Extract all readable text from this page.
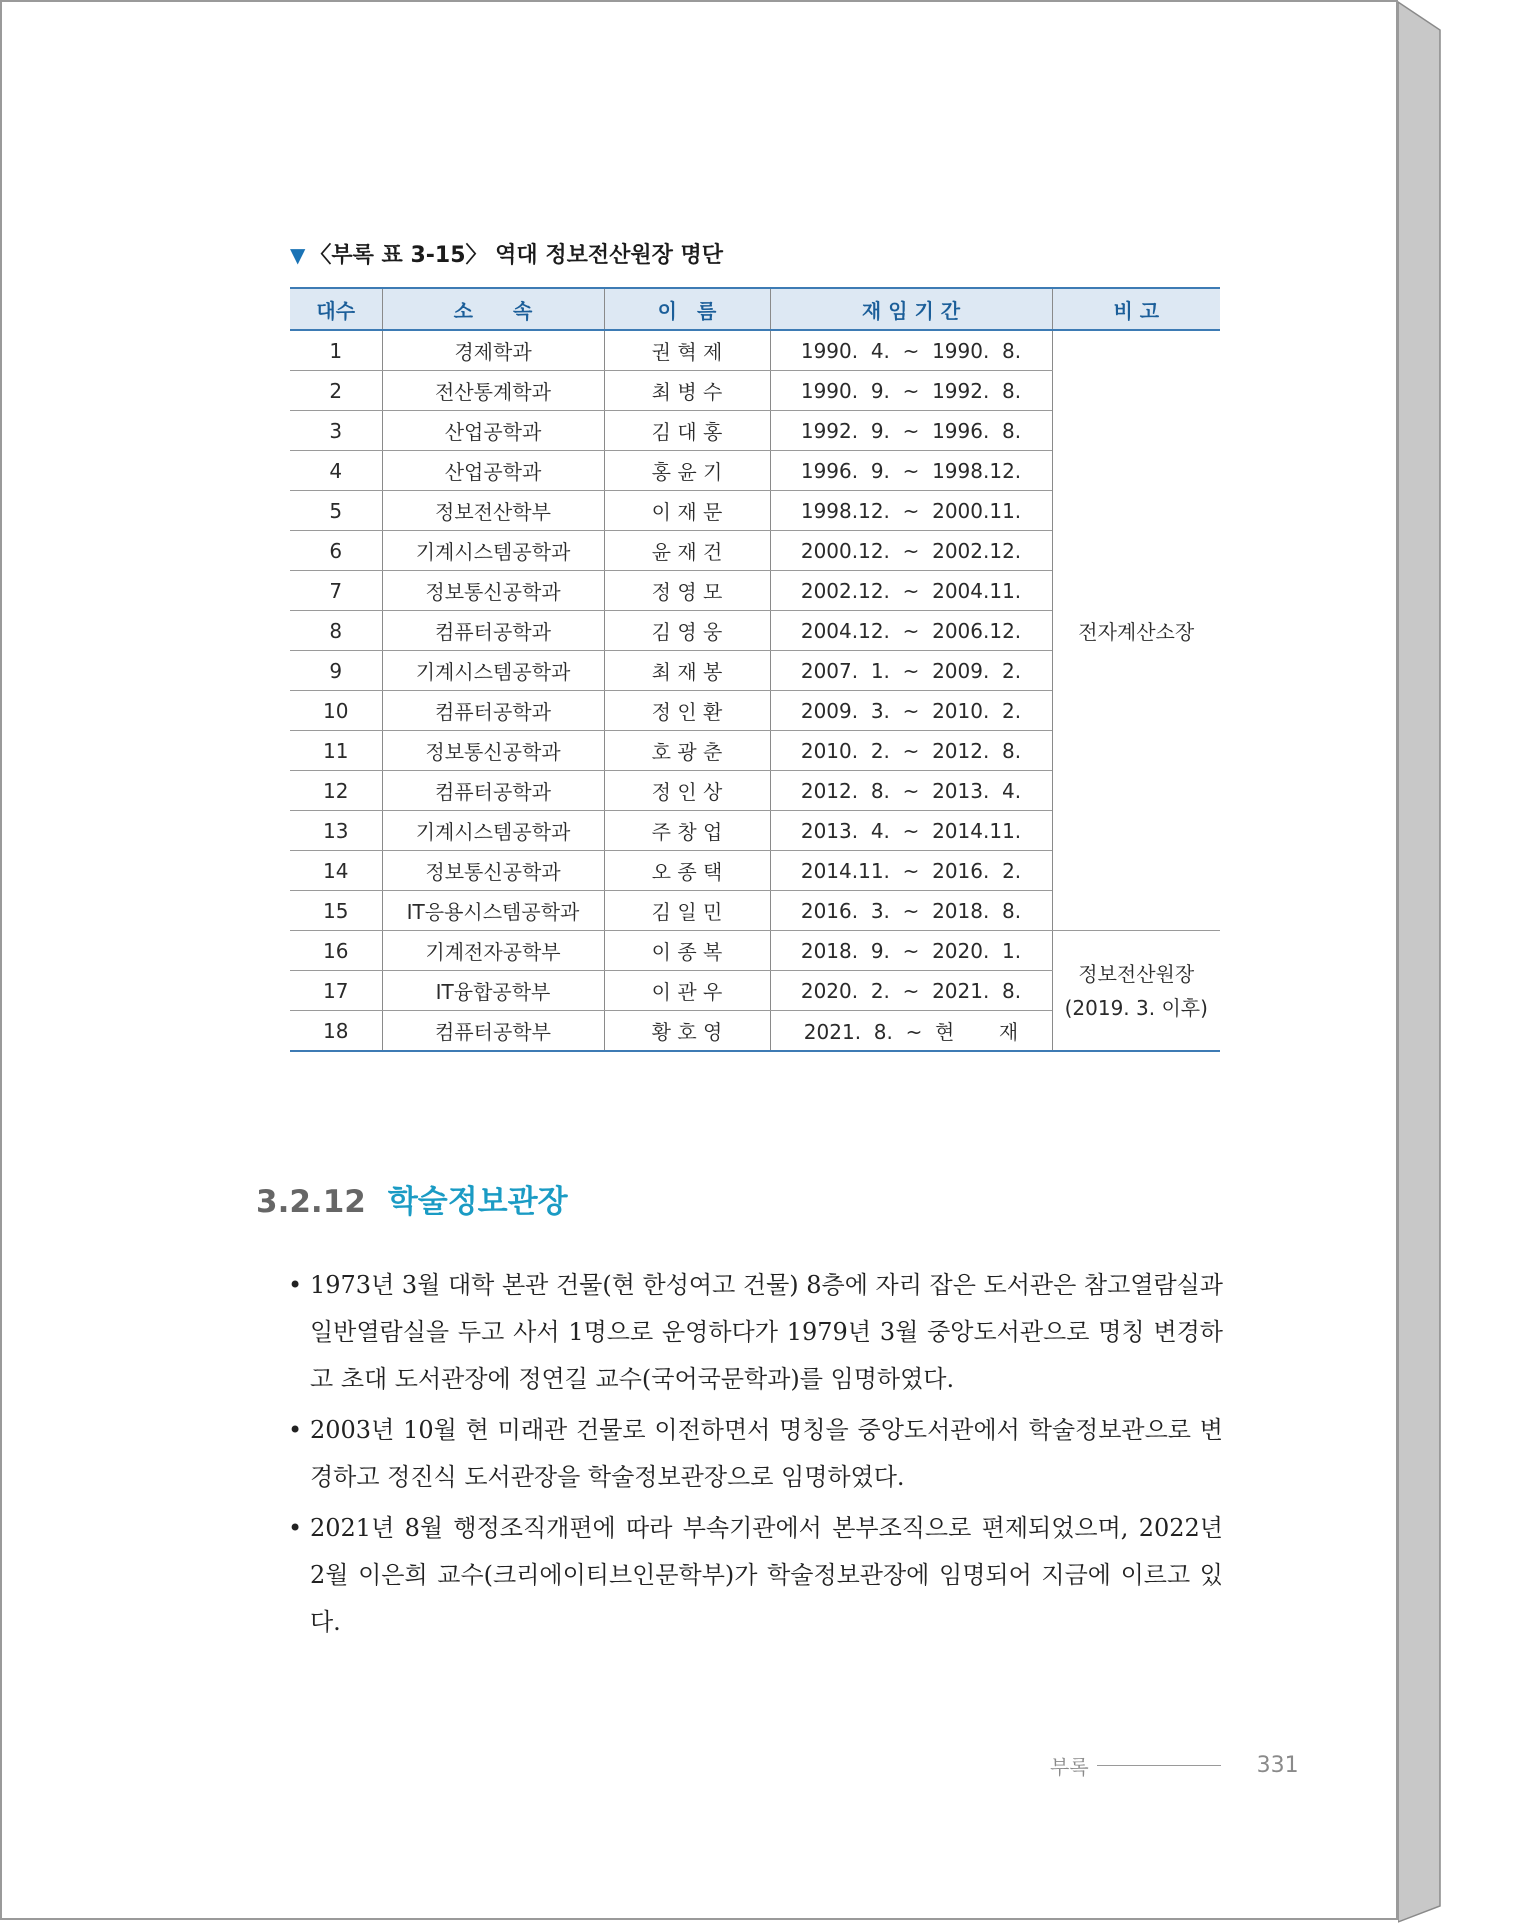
▼ 〈부록 표 3-15〉 역대 정보전산원장 명단
대수	소　　속	이　름	재 임 기 간	비 고
1	경제학과	권 혁 제	1990.  4.  ~  1990.  8.	전자계산소장
2	전산통계학과	최 병 수	1990.  9.  ~  1992.  8.	
3	산업공학과	김 대 홍	1992.  9.  ~  1996.  8.	
4	산업공학과	홍 윤 기	1996.  9.  ~  1998.12.	
5	정보전산학부	이 재 문	1998.12.  ~  2000.11.	
6	기계시스템공학과	윤 재 건	2000.12.  ~  2002.12.	
7	정보통신공학과	정 영 모	2002.12.  ~  2004.11.	
8	컴퓨터공학과	김 영 웅	2004.12.  ~  2006.12.	
9	기계시스템공학과	최 재 봉	2007.  1.  ~  2009.  2.	
10	컴퓨터공학과	정 인 환	2009.  3.  ~  2010.  2.	
11	정보통신공학과	호 광 춘	2010.  2.  ~  2012.  8.	
12	컴퓨터공학과	정 인 상	2012.  8.  ~  2013.  4.	
13	기계시스템공학과	주 창 업	2013.  4.  ~  2014.11.	
14	정보통신공학과	오 종 택	2014.11.  ~  2016.  2.	
15	IT응용시스템공학과	김 일 민	2016.  3.  ~  2018.  8.	
16	기계전자공학부	이 종 복	2018.  9.  ~  2020.  1.	정보전산원장
(2019. 3. 이후)

17	IT융합공학부	이 관 우	2020.  2.  ~  2021.  8.	
18	컴퓨터공학부	황 호 영	2021.  8.  ~  현       재	
3.2.12 학술정보관장

• 1973년 3월 대학 본관 건물(현 한성여고 건물) 8층에 자리 잡은 도서관은 참고열람실과 일반열람실을 두고 사서 1명으로 운영하다가 1979년 3월 중앙도서관으로 명칭 변경하고 초대 도서관장에 정연길 교수(국어국문학과)를 임명하였다.

• 2003년 10월 현 미래관 건물로 이전하면서 명칭을 중앙도서관에서 학술정보관으로 변경하고 정진식 도서관장을 학술정보관장으로 임명하였다.

• 2021년 8월 행정조직개편에 따라 부속기관에서 본부조직으로 편제되었으며, 2022년 2월 이은희 교수(크리에이티브인문학부)가 학술정보관장에 임명되어 지금에 이르고 있다.

부록	331
